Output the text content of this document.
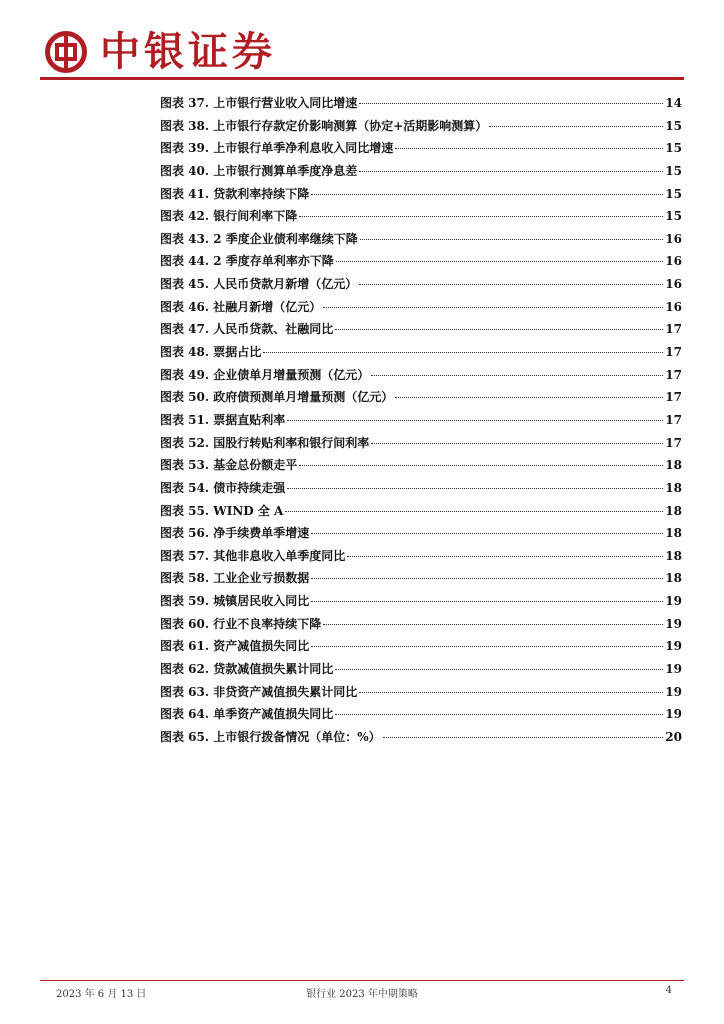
中银证券
图表 37. 上市银行营业收入同比增速	14
图表 38. 上市银行存款定价影响测算（协定+活期影响测算）	15
图表 39. 上市银行单季净利息收入同比增速	15
图表 40. 上市银行测算单季度净息差	15
图表 41. 贷款利率持续下降	15
图表 42. 银行间利率下降	15
图表 43. 2 季度企业债利率继续下降	16
图表 44. 2 季度存单利率亦下降	16
图表 45. 人民币贷款月新增（亿元）	16
图表 46. 社融月新增（亿元）	16
图表 47. 人民币贷款、社融同比	17
图表 48. 票据占比	17
图表 49. 企业债单月增量预测（亿元）	17
图表 50. 政府债预测单月增量预测（亿元）	17
图表 51. 票据直贴利率	17
图表 52. 国股行转贴利率和银行间利率	17
图表 53. 基金总份额走平	18
图表 54. 债市持续走强	18
图表 55. WIND 全 A	18
图表 56. 净手续费单季增速	18
图表 57. 其他非息收入单季度同比	18
图表 58. 工业企业亏损数据	18
图表 59. 城镇居民收入同比	19
图表 60. 行业不良率持续下降	19
图表 61. 资产减值损失同比	19
图表 62. 贷款减值损失累计同比	19
图表 63. 非贷资产减值损失累计同比	19
图表 64. 单季资产减值损失同比	19
图表 65. 上市银行拨备情况（单位：%）	20
2023 年 6 月 13 日	银行业 2023 年中期策略	4
